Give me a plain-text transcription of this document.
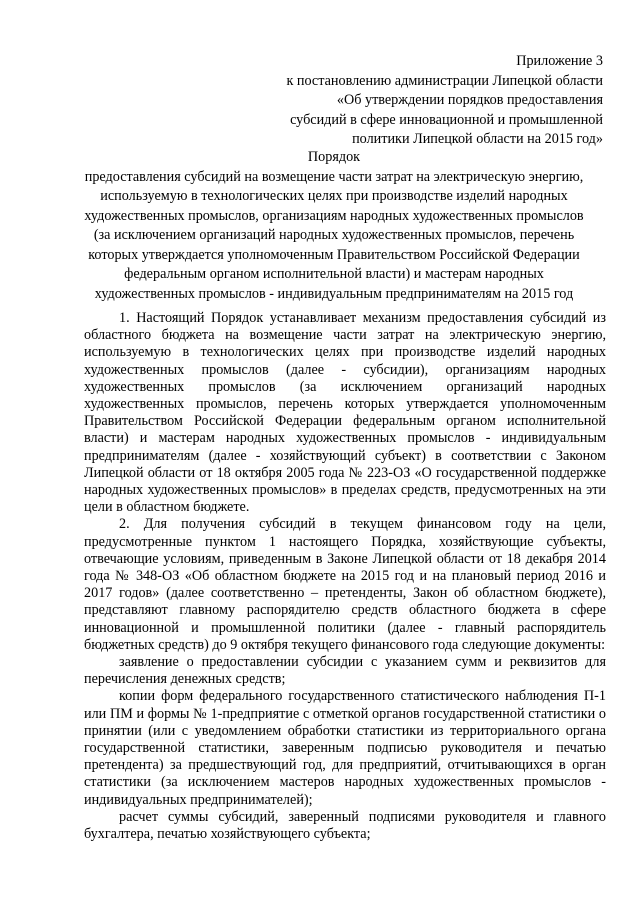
Приложение 3
к постановлению администрации Липецкой области
«Об утверждении порядков предоставления
субсидий в сфере инновационной и промышленной
политики Липецкой области на 2015 год»
Порядок
предоставления субсидий на возмещение части затрат на электрическую энергию, используемую в технологических целях при производстве изделий народных художественных промыслов, организациям народных художественных промыслов (за исключением организаций народных художественных промыслов, перечень которых утверждается уполномоченным Правительством Российской Федерации федеральным органом исполнительной власти) и мастерам народных художественных промыслов - индивидуальным предпринимателям на 2015 год

1. Настоящий Порядок устанавливает механизм предоставления субсидий из областного бюджета на возмещение части затрат на электрическую энергию, используемую в технологических целях при производстве изделий народных художественных промыслов (далее - субсидии), организациям народных художественных промыслов (за исключением организаций народных художественных промыслов, перечень которых утверждается уполномоченным Правительством Российской Федерации федеральным органом исполнительной власти) и мастерам народных художественных промыслов - индивидуальным предпринимателям (далее - хозяйствующий субъект) в соответствии с Законом Липецкой области от 18 октября 2005 года № 223-ОЗ «О государственной поддержке народных художественных промыслов» в пределах средств, предусмотренных на эти цели в областном бюджете.

2. Для получения субсидий в текущем финансовом году на цели, предусмотренные пунктом 1 настоящего Порядка, хозяйствующие субъекты, отвечающие условиям, приведенным в Законе Липецкой области от 18 декабря 2014 года № 348-ОЗ «Об областном бюджете на 2015 год и на плановый период 2016 и 2017 годов» (далее соответственно – претенденты, Закон об областном бюджете), представляют главному распорядителю средств областного бюджета в сфере инновационной и промышленной политики (далее - главный распорядитель бюджетных средств) до 9 октября текущего финансового года следующие документы:

заявление о предоставлении субсидии с указанием сумм и реквизитов для перечисления денежных средств;

копии форм федерального государственного статистического наблюдения П-1 или ПМ и формы № 1-предприятие с отметкой органов государственной статистики о принятии (или с уведомлением обработки статистики из территориального органа государственной статистики, заверенным подписью руководителя и печатью претендента) за предшествующий год, для предприятий, отчитывающихся в орган статистики (за исключением мастеров народных художественных промыслов - индивидуальных предпринимателей);

расчет суммы субсидий, заверенный подписями руководителя и главного бухгалтера, печатью хозяйствующего субъекта;
